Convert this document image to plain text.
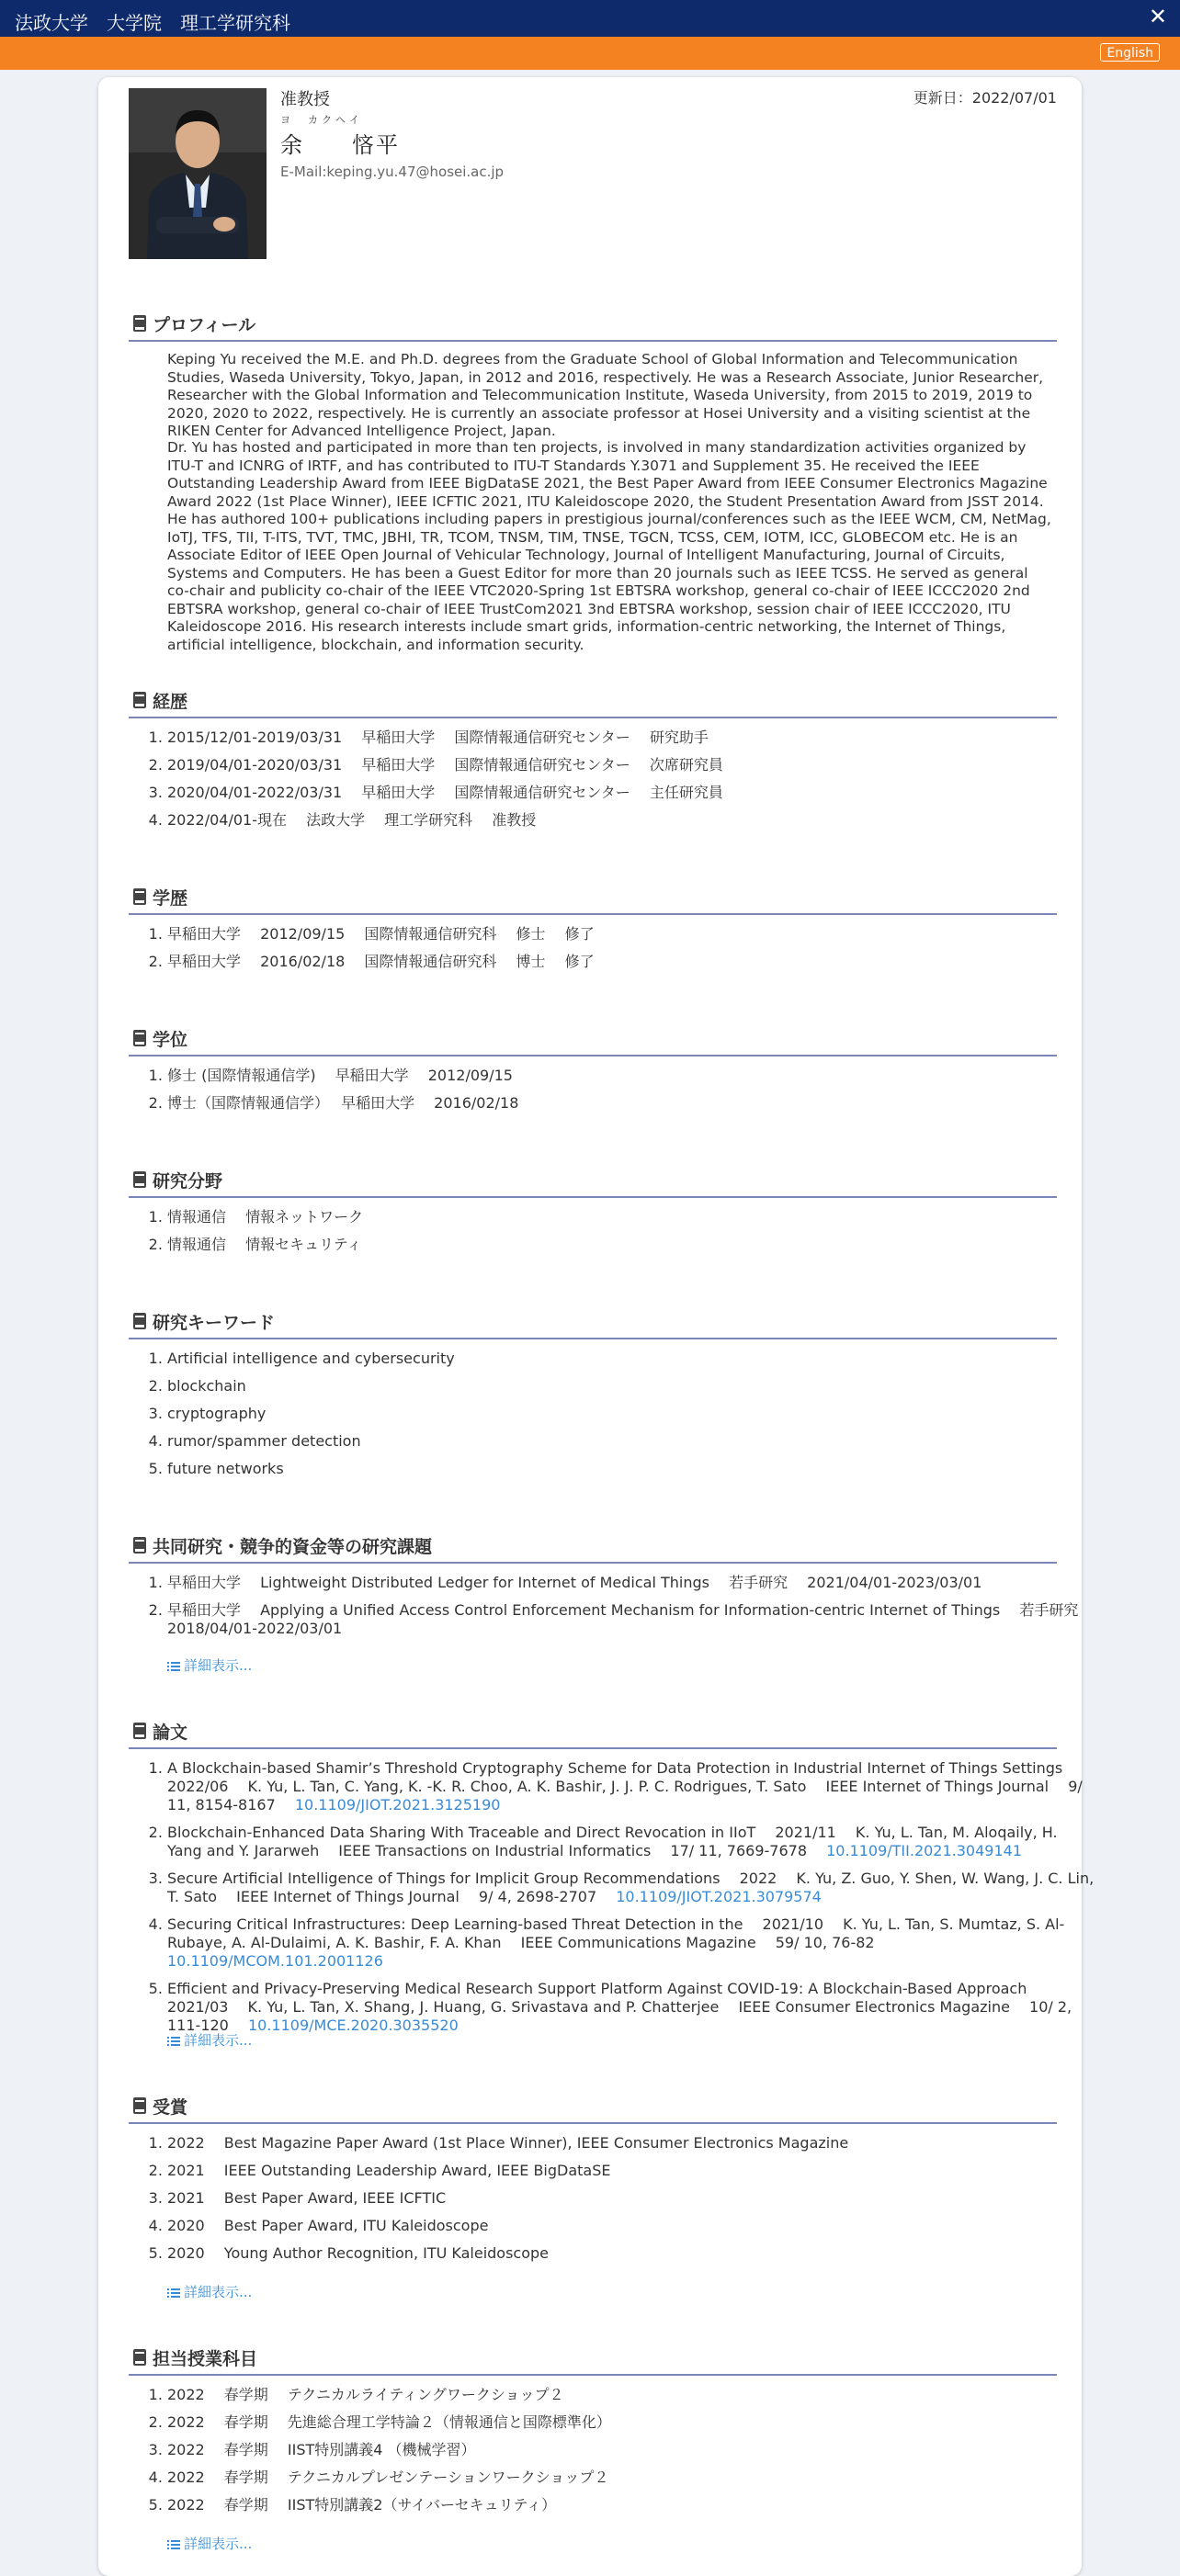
法政大学　大学院　理工学研究科	✕
English
准教授
ヨ　カクヘイ
余　　悋平
E-Mail:keping.yu.47@hosei.ac.jp
更新日：2022/07/01
プロフィール
Keping Yu received the M.E. and Ph.D. degrees from the Graduate School of Global Information and Telecommunication Studies, Waseda University, Tokyo, Japan, in 2012 and 2016, respectively. He was a Research Associate, Junior Researcher, Researcher with the Global Information and Telecommunication Institute, Waseda University, from 2015 to 2019, 2019 to 2020, 2020 to 2022, respectively. He is currently an associate professor at Hosei University and a visiting scientist at the RIKEN Center for Advanced Intelligence Project, Japan.
Dr. Yu has hosted and participated in more than ten projects, is involved in many standardization activities organized by ITU-T and ICNRG of IRTF, and has contributed to ITU-T Standards Y.3071 and Supplement 35. He received the IEEE Outstanding Leadership Award from IEEE BigDataSE 2021, the Best Paper Award from IEEE Consumer Electronics Magazine Award 2022 (1st Place Winner), IEEE ICFTIC 2021, ITU Kaleidoscope 2020, the Student Presentation Award from JSST 2014. He has authored 100+ publications including papers in prestigious journal/conferences such as the IEEE WCM, CM, NetMag, IoTJ, TFS, TII, T-ITS, TVT, TMC, JBHI, TR, TCOM, TNSM, TIM, TNSE, TGCN, TCSS, CEM, IOTM, ICC, GLOBECOM etc. He is an Associate Editor of IEEE Open Journal of Vehicular Technology, Journal of Intelligent Manufacturing, Journal of Circuits, Systems and Computers. He has been a Guest Editor for more than 20 journals such as IEEE TCSS. He served as general co-chair and publicity co-chair of the IEEE VTC2020-Spring 1st EBTSRA workshop, general co-chair of IEEE ICCC2020 2nd EBTSRA workshop, general co-chair of IEEE TrustCom2021 3nd EBTSRA workshop, session chair of IEEE ICCC2020, ITU Kaleidoscope 2016. His research interests include smart grids, information-centric networking, the Internet of Things, artificial intelligence, blockchain, and information security.
経歴
1. 2015/12/01-2019/03/31　 早稲田大学　 国際情報通信研究センター　 研究助手
2. 2019/04/01-2020/03/31　 早稲田大学　 国際情報通信研究センター　 次席研究員
3. 2020/04/01-2022/03/31　 早稲田大学　 国際情報通信研究センター　 主任研究員
4. 2022/04/01-現在　 法政大学　 理工学研究科　 准教授
学歴
1. 早稲田大学　 2012/09/15　 国際情報通信研究科　 修士　 修了
2. 早稲田大学　 2016/02/18　 国際情報通信研究科　 博士　 修了
学位
1. 修士 (国際情報通信学)　 早稲田大学　 2012/09/15
2. 博士（国際情報通信学）　 早稲田大学　 2016/02/18
研究分野
1. 情報通信　 情報ネットワーク
2. 情報通信　 情報セキュリティ
研究キーワード
1. Artificial intelligence and cybersecurity
2. blockchain
3. cryptography
4. rumor/spammer detection
5. future networks
共同研究・競争的資金等の研究課題
1. 早稲田大学　 Lightweight Distributed Ledger for Internet of Medical Things　 若手研究　 2021/04/01-2023/03/01
2. 早稲田大学　 Applying a Unified Access Control Enforcement Mechanism for Information-centric Internet of Things　 若手研究　 2018/04/01-2022/03/01
詳細表示...
論文
1. A Blockchain-based Shamir’s Threshold Cryptography Scheme for Data Protection in Industrial Internet of Things Settings　 2022/06　 K. Yu, L. Tan, C. Yang, K. -K. R. Choo, A. K. Bashir, J. J. P. C. Rodrigues, T. Sato　 IEEE Internet of Things Journal　 9/ 11, 8154-8167　 10.1109/JIOT.2021.3125190
2. Blockchain-Enhanced Data Sharing With Traceable and Direct Revocation in IIoT　 2021/11　 K. Yu, L. Tan, M. Aloqaily, H. Yang and Y. Jararweh　 IEEE Transactions on Industrial Informatics　 17/ 11, 7669-7678　 10.1109/TII.2021.3049141
3. Secure Artificial Intelligence of Things for Implicit Group Recommendations　 2022　 K. Yu, Z. Guo, Y. Shen, W. Wang, J. C. Lin, T. Sato　 IEEE Internet of Things Journal　 9/ 4, 2698-2707　 10.1109/JIOT.2021.3079574
4. Securing Critical Infrastructures: Deep Learning-based Threat Detection in the　 2021/10　 K. Yu, L. Tan, S. Mumtaz, S. Al-Rubaye, A. Al-Dulaimi, A. K. Bashir, F. A. Khan　 IEEE Communications Magazine　 59/ 10, 76-82　 10.1109/MCOM.101.2001126
5. Efficient and Privacy-Preserving Medical Research Support Platform Against COVID-19: A Blockchain-Based Approach　 2021/03　 K. Yu, L. Tan, X. Shang, J. Huang, G. Srivastava and P. Chatterjee　 IEEE Consumer Electronics Magazine　 10/ 2, 111-120　 10.1109/MCE.2020.3035520
詳細表示...
受賞
1. 2022　 Best Magazine Paper Award (1st Place Winner), IEEE Consumer Electronics Magazine
2. 2021　 IEEE Outstanding Leadership Award, IEEE BigDataSE
3. 2021　 Best Paper Award, IEEE ICFTIC
4. 2020　 Best Paper Award, ITU Kaleidoscope
5. 2020　 Young Author Recognition, ITU Kaleidoscope
詳細表示...
担当授業科目
1. 2022　 春学期　 テクニカルライティングワークショップ２
2. 2022　 春学期　 先進総合理工学特論２（情報通信と国際標準化）
3. 2022　 春学期　 IIST特別講義4 （機械学習）
4. 2022　 春学期　 テクニカルプレゼンテーションワークショップ２
5. 2022　 春学期　 IIST特別講義2（サイバーセキュリティ）
詳細表示...
